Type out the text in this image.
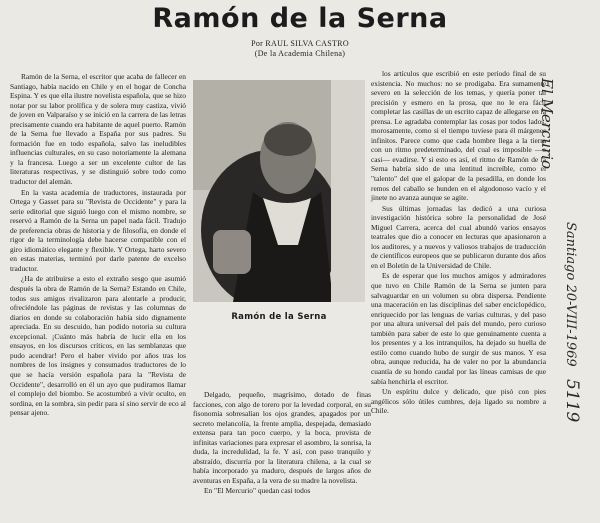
Ramón de la Serna
Por RAUL SILVA CASTRO
(De la Academia Chilena)

Ramón de la Serna, el escritor que acaba de fallecer en Santiago, había nacido en Chile y en el hogar de Concha Espina. Y es que ella ilustre novelista española, que se hizo notar por su labor prolífica y de solera muy castiza, vivió de joven en Valparaíso y se inició en la carrera de las letras precisamente cuando era habitante de aquel puerto. Ramón de la Serna fue llevado a España por sus padres. Su formación fue en todo española, salvo las ineludibles influencias culturales, en su caso notoriamente la alemana y la francesa. Luego a ser un excelente cultor de las literaturas respectivas, y se distinguió sobre todo como traductor del alemán.

En la vasta academia de traductores, instaurada por Ortega y Gasset para su "Revista de Occidente" y para la serie editorial que siguió luego con el mismo nombre, se reservó a Ramón de la Serna un papel nada fácil. Tradujo de preferencia obras de historia y de filosofía, en donde el rigor de la terminología debe hacerse compatible con el giro idiomático elegante y flexible. Y Ortega, harto severo en estas materias, terminó por darle patente de excelso traductor.

¿Ha de atribuirse a esto el extraño sesgo que asumió después la obra de Ramón de la Serna? Estando en Chile, todos sus amigos rivalizaron para alentarle a producir, ofreciéndole las páginas de revistas y las columnas de diarios en donde su colaboración había sido dignamente apreciada. En su descuido, han podido notoria su cultura excepcional. ¡Cuánto más habría de lucir ella en los ensayos, en los discursos críticos, en las semblanzas que pudo acendrar! Pero el haber vivido por años tras los nombres de los insignes y consumados traductores de lo que se hacía versión española para la "Revista de Occidente", desarrolló en él un ayo que pudiramos llamar el complejo del biombo. Se acostumbró a vivir oculto, en sordina, en la sombra, sin pedir para sí sino servir de eco al pensar ajeno.

Ramón de la Serna

Delgado, pequeño, magrísimo, dotado de finas facciones, con algo de torero por la levedad corporal, en su fisonomía sobresalían los ojos grandes, apagados por un secreto melancolía, la frente amplia, despejada, demasiado extensa para tan poco cuerpo, y la boca, provista de infinitas variaciones para expresar el asombro, la sonrisa, la duda, la incredulidad, la fe. Y así, con paso tranquilo y abstraído, discurría por la literatura chilena, a la cual se había incorporado ya maduro, después de largos años de aventuras en España, a la vera de su madre la novelista.

En "El Mercurio" quedan casi todos

los artículos que escribió en este período final de su existencia. No muchos: no se prodigaba. Era sumamente severo en la selección de los temas, y quería poner tal precisión y esmero en la prosa, que no le era fácil completar las casillas de un escrito capaz de allegarse en la prensa. Le agradaba contemplar las cosas por todos lados, morosamente, como si el tiempo tuviese para él márgenes infinitos. Parece como que cada hombre llega a la tierra con un ritmo predeterminado, del cual es imposible —o casi— evadirse. Y si esto es así, el ritmo de Ramón de la Serna habría sido de una lentitud increíble, como el "talento" del que el galopar de la pesadilla, en donde los remos del caballo se hunden en el algodonoso vacío y el jinete no avanza aunque se agite.

Sus últimas jornadas las dedicó a una curiosa investigación histórica sobre la personalidad de José Miguel Carrera, acerca del cual abundó varios ensayos teatrales que dio a conocer en lecturas que apasionaron a los auditores, y a nuevos y valiosos trabajos de traducción de científicos europeos que se publicaron durante dos años en el Boletín de la Universidad de Chile.

Es de esperar que los muchos amigos y admiradores que tuvo en Chile Ramón de la Serna se junten para salvaguardar en un volumen su obra dispersa. Pendiente una maceración en las disciplinas del saber enciclopédico, enriquecido por las lenguas de varias culturas, y del paso por una altura universal del país del mundo, pero curioso también para saber de este lo que genuinamente cuenta a los presentes y a los intranquilos, ha dejado su huella de estilo como cuando hubo de surgir de sus manos. Y esa obra, aunque reducida, ha de valer no por la abundancia cuantía de su hondo caudal por las líneas camisas de que sabía henchirla el escritor.

Un espíritu dulce y delicado, que pisó con pies angélicos sólo útiles cumbres, deja ligado su nombre a Chile.

El Mercurio
Santiago 20-VIII-1969
5119
